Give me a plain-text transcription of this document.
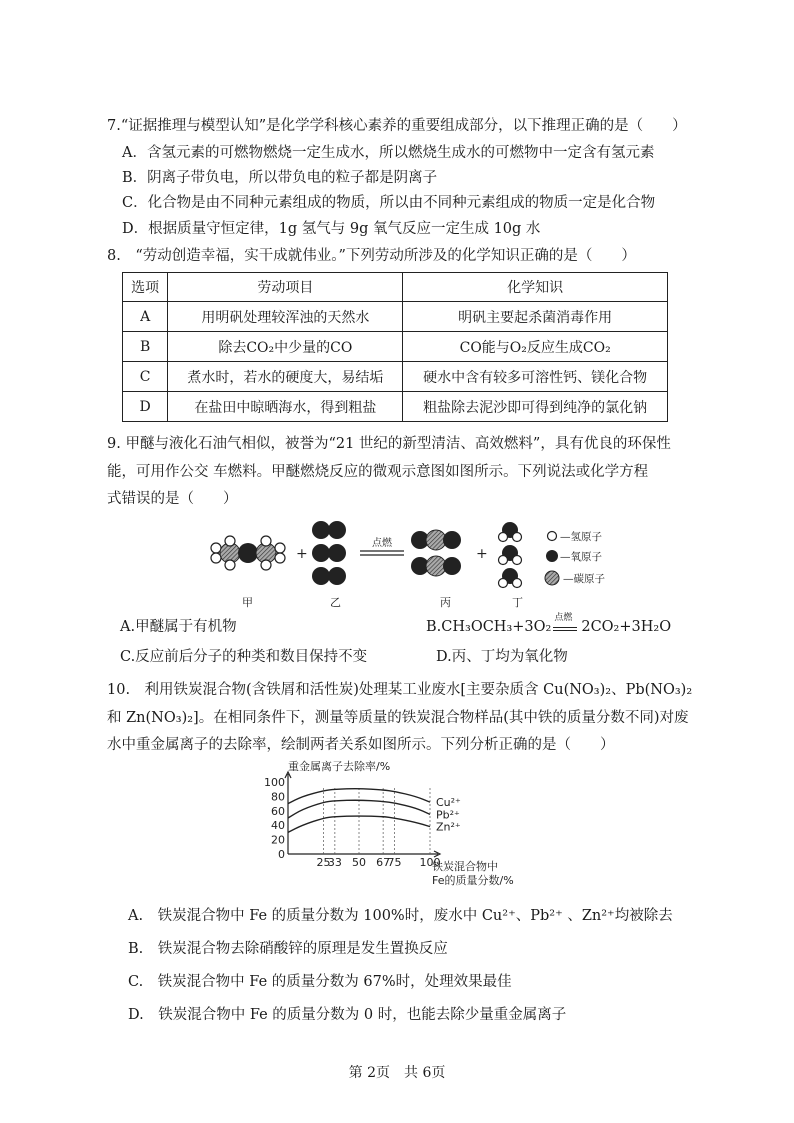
7.“证据推理与模型认知”是化学学科核心素养的重要组成部分，以下推理正确的是（　　）
A．含氢元素的可燃物燃烧一定生成水，所以燃烧生成水的可燃物中一定含有氢元素
B．阴离子带负电，所以带负电的粒子都是阴离子
C．化合物是由不同种元素组成的物质，所以由不同种元素组成的物质一定是化合物
D．根据质量守恒定律，1g 氢气与 9g 氧气反应一定生成 10g 水
8.　“劳动创造幸福，实干成就伟业。”下列劳动所涉及的化学知识正确的是（　　）
选项	劳动项目	化学知识
A	用明矾处理较浑浊的天然水	明矾主要起杀菌消毒作用
B	除去CO₂中少量的CO	CO能与O₂反应生成CO₂
C	煮水时，若水的硬度大，易结垢	硬水中含有较多可溶性钙、镁化合物
D	在盐田中晾晒海水，得到粗盐	粗盐除去泥沙即可得到纯净的氯化钠
9. 甲醚与液化石油气相似，被誉为“21 世纪的新型清洁、高效燃料”，具有优良的环保性
能，可用作公交 车燃料。甲醚燃烧反应的微观示意图如图所示。下列说法或化学方程
式错误的是（　　）
+
点燃
+
—氢原子
—氧原子
—碳原子
甲	乙	丙	丁
A.甲醚属于有机物	B.CH₃OCH₃+3O₂
点燃
2CO₂+3H₂O
C.反应前后分子的种类和数目保持不变	D.丙、丁均为氧化物
10.　利用铁炭混合物(含铁屑和活性炭)处理某工业废水[主要杂质含 Cu(NO₃)₂、Pb(NO₃)₂
和 Zn(NO₃)₂]。在相同条件下，测量等质量的铁炭混合物样品(其中铁的质量分数不同)对废
水中重金属离子的去除率，绘制两者关系如图所示。下列分析正确的是（　　）
重金属离子去除率/%
100
80
60
40
20
0
25
33 50 67
75 100
Cu²⁺
Pb²⁺
Zn²⁺
铁炭混合物中
Fe的质量分数/%
A.　铁炭混合物中 Fe 的质量分数为 100%时，废水中 Cu²⁺、Pb²⁺ 、Zn²⁺均被除去
B.　铁炭混合物去除硝酸锌的原理是发生置换反应
C.　铁炭混合物中 Fe 的质量分数为 67%时，处理效果最佳
D.　铁炭混合物中 Fe 的质量分数为 0 时，也能去除少量重金属离子
第 2页　共 6页
